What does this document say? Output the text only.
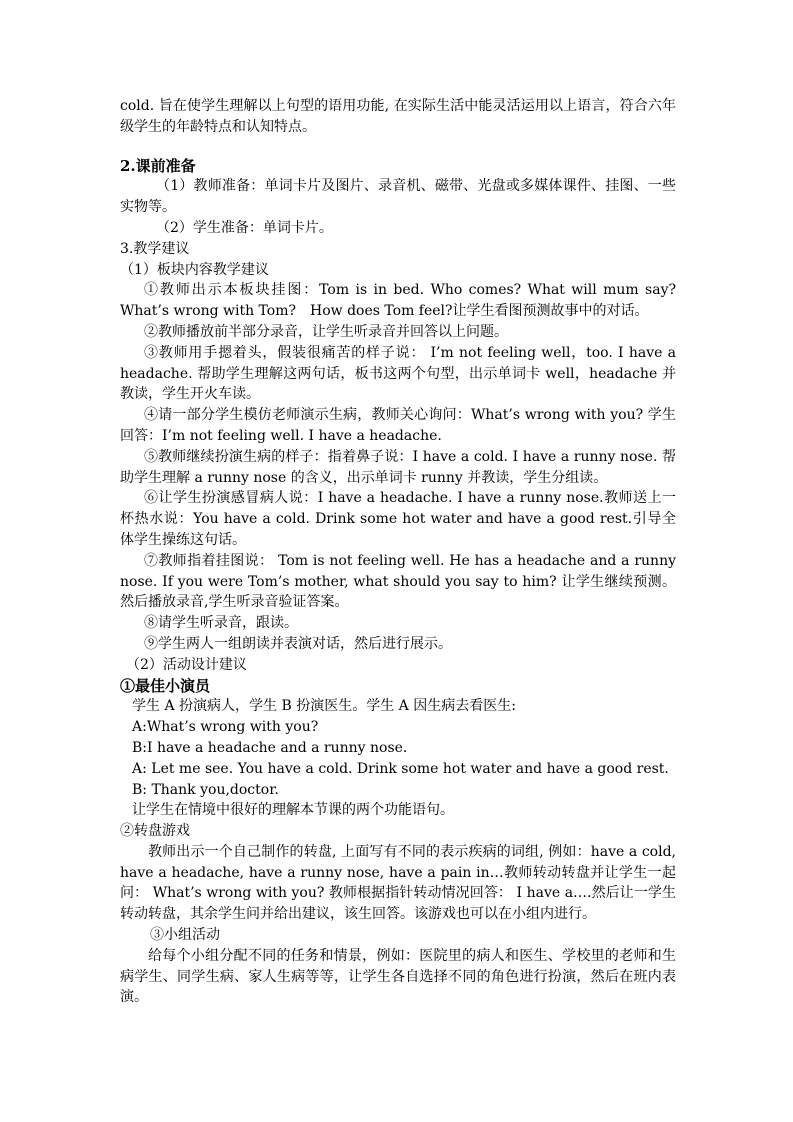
cold. 旨在使学生理解以上句型的语用功能, 在实际生活中能灵活运用以上语言，符合六年级学生的年龄特点和认知特点。

2.课前准备

（1）教师准备：单词卡片及图片、录音机、磁带、光盘或多媒体课件、挂图、一些实物等。

（2）学生准备：单词卡片。

3.教学建议

（1）板块内容教学建议

①教师出示本板块挂图：Tom is in bed. Who comes? What will mum say? What’s wrong with Tom?　How does Tom feel?让学生看图预测故事中的对话。

②教师播放前半部分录音，让学生听录音并回答以上问题。

③教师用手摁着头，假装很痛苦的样子说： I’m not feeling well，too. I have a headache. 帮助学生理解这两句话，板书这两个句型，出示单词卡 well，headache 并教读，学生开火车读。

④请一部分学生模仿老师演示生病，教师关心询问：What’s wrong with you? 学生回答：I’m not feeling well. I have a headache.

⑤教师继续扮演生病的样子：指着鼻子说：I have a cold. I have a runny nose. 帮助学生理解 a runny nose 的含义，出示单词卡 runny 并教读，学生分组读。

⑥让学生扮演感冒病人说：I have a headache. I have a runny nose.教师送上一杯热水说：You have a cold. Drink some hot water and have a good rest.引导全体学生操练这句话。

⑦教师指着挂图说： Tom is not feeling well. He has a headache and a runny nose. If you were Tom’s mother, what should you say to him? 让学生继续预测。然后播放录音,学生听录音验证答案。

⑧请学生听录音，跟读。

⑨学生两人一组朗读并表演对话，然后进行展示。

（2）活动设计建议

①最佳小演员

学生 A 扮演病人，学生 B 扮演医生。学生 A 因生病去看医生:

A:What’s wrong with you?

B:I have a headache and a runny nose.

A: Let me see. You have a cold. Drink some hot water and have a good rest.

B: Thank you,doctor.

让学生在情境中很好的理解本节课的两个功能语句。

②转盘游戏

教师出示一个自己制作的转盘, 上面写有不同的表示疾病的词组, 例如：have a cold, have a headache, have a runny nose, have a pain in…教师转动转盘并让学生一起问： What’s wrong with you? 教师根据指针转动情况回答： I have a….然后让一学生转动转盘，其余学生问并给出建议，该生回答。该游戏也可以在小组内进行。

③小组活动

给每个小组分配不同的任务和情景，例如：医院里的病人和医生、学校里的老师和生病学生、同学生病、家人生病等等，让学生各自选择不同的角色进行扮演，然后在班内表演。
